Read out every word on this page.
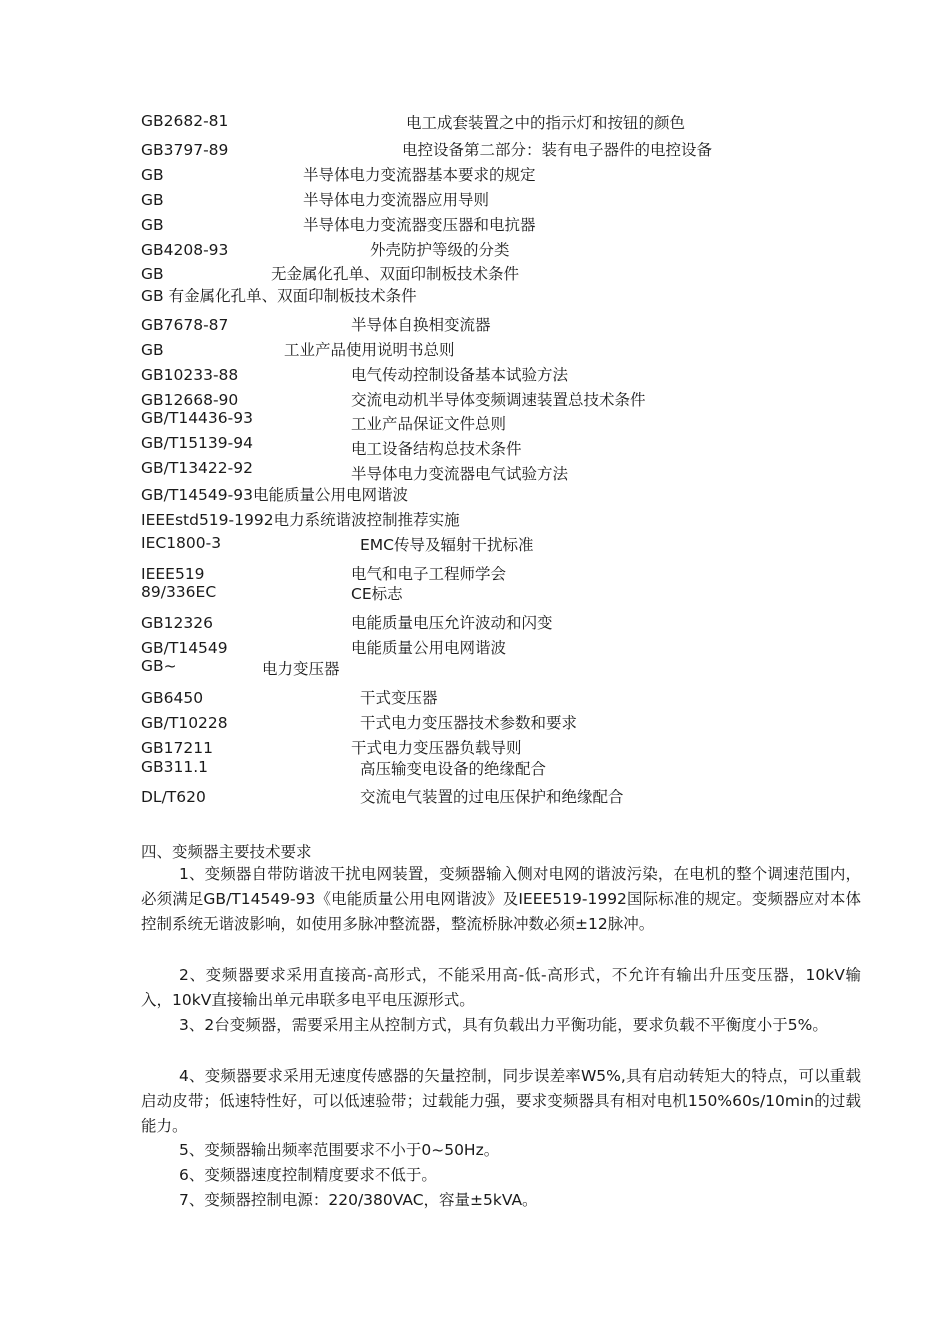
GB2682-81	电工成套装置之中的指示灯和按钮的颜色
GB3797-89	电控设备第二部分：装有电子器件的电控设备
GB	半导体电力变流器基本要求的规定
GB	半导体电力变流器应用导则
GB	半导体电力变流器变压器和电抗器
GB4208-93	外壳防护等级的分类
GB	无金属化孔单、双面印制板技术条件
GB 有金属化孔单、双面印制板技术条件
GB7678-87	半导体自换相变流器
GB	工业产品使用说明书总则
GB10233-88	电气传动控制设备基本试验方法
GB12668-90	交流电动机半导体变频调速装置总技术条件
GB/T14436-93	工业产品保证文件总则
GB/T15139-94	电工设备结构总技术条件
GB/T13422-92	半导体电力变流器电气试验方法
GB/T14549-93电能质量公用电网谐波
IEEEstd519-1992电力系统谐波控制推荐实施
IEC1800-3	EMC传导及辐射干扰标准
IEEE519	电气和电子工程师学会
89/336EC	CE标志
GB12326	电能质量电压允许波动和闪变
GB/T14549	电能质量公用电网谐波
GB~	电力变压器
GB6450	干式变压器
GB/T10228	干式电力变压器技术参数和要求
GB17211	干式电力变压器负载导则
GB311.1	高压输变电设备的绝缘配合
DL/T620	交流电气装置的过电压保护和绝缘配合
四、变频器主要技术要求
1、变频器自带防谐波干扰电网装置，变频器输入侧对电网的谐波污染，在电机的整个调速范围内，必须满足GB/T14549-93《电能质量公用电网谐波》及IEEE519-1992国际标准的规定。变频器应对本体控制系统无谐波影响，如使用多脉冲整流器，整流桥脉冲数必须±12脉冲。
2、变频器要求采用直接高-高形式，不能采用高-低-高形式，不允许有输出升压变压器，10kV输入，10kV直接输出单元串联多电平电压源形式。
3、2台变频器，需要采用主从控制方式，具有负载出力平衡功能，要求负载不平衡度小于5%。
4、变频器要求采用无速度传感器的矢量控制，同步误差率W5%,具有启动转矩大的特点，可以重载启动皮带；低速特性好，可以低速验带；过载能力强，要求变频器具有相对电机150%60s/10min的过载能力。
5、变频器输出频率范围要求不小于0~50Hz。
6、变频器速度控制精度要求不低于。
7、变频器控制电源：220/380VAC，容量±5kVA。
